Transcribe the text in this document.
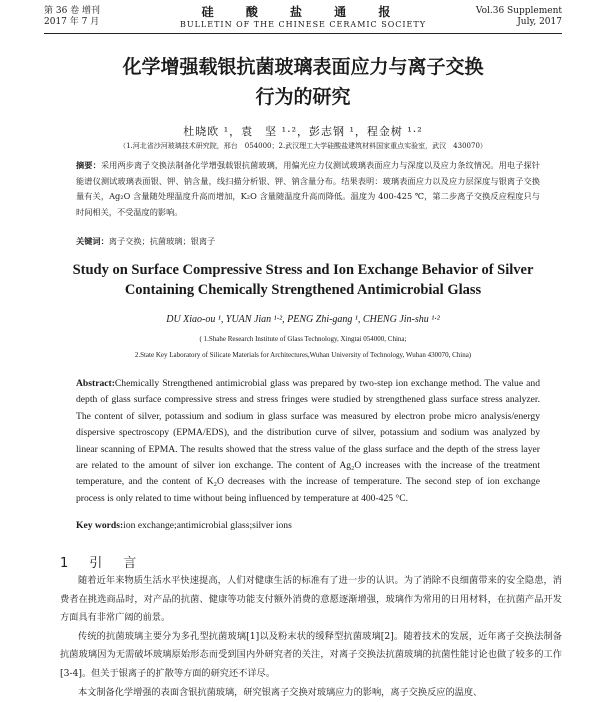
第 36 卷 增刊
2017 年 7 月
硅 酸 盐 通 报
BULLETIN OF THE CHINESE CERAMIC SOCIETY
Vol.36 Supplement
July, 2017
化学增强载银抗菌玻璃表面应力与离子交换
行为的研究
杜晓欧 ¹，袁　坚 ¹·²，彭志钢 ¹，程金树 ¹·²
（1.河北省沙河玻璃技术研究院，邢台　054000；2.武汉理工大学硅酸盐建筑材料国家重点实验室，武汉　430070）
摘要：采用两步离子交换法制备化学增强载银抗菌玻璃，用偏光应力仪测试玻璃表面应力与深度以及应力条纹情况。用电子探针能谱仪测试玻璃表面银、钾、钠含量，线扫描分析银、钾、钠含量分布。结果表明：玻璃表面应力以及应力层深度与银离子交换量有关，Ag₂O 含量随处理温度升高而增加，K₂O 含量随温度升高而降低。温度为 400-425 ℃，第二步离子交换反应程度只与时间相关，不受温度的影响。
关键词：离子交换；抗菌玻璃；银离子
Study on Surface Compressive Stress and Ion Exchange Behavior of Silver
Containing Chemically Strengthened Antimicrobial Glass
DU Xiao-ou ¹, YUAN Jian ¹·², PENG Zhi-gang ¹, CHENG Jin-shu ¹·²
( 1.Shahe Research Institute of Glass Technology, Xingtai 054000, China;
2.State Key Laboratory of Silicate Materials for Architectures,Wuhan University of Technology, Wuhan 430070, China)
Abstract:Chemically Strengthened antimicrobial glass was prepared by two-step ion exchange method. The value and depth of glass surface compressive stress and stress fringes were studied by strengthened glass surface stress analyzer. The content of silver, potassium and sodium in glass surface was measured by electron probe micro analysis/energy dispersive spectroscopy (EPMA/EDS), and the distribution curve of silver, potassium and sodium was analyzed by linear scanning of EPMA. The results showed that the stress value of the glass surface and the depth of the stress layer are related to the amount of silver ion exchange. The content of Ag₂O increases with the increase of the treatment temperature, and the content of K₂O decreases with the increase of temperature. The second step of ion exchange process is only related to time without being influenced by temperature at 400-425 °C.
Key words:ion exchange;antimicrobial glass;silver ions
1　引　言

随着近年来物质生活水平快速提高，人们对健康生活的标准有了进一步的认识。为了消除不良细菌带来的安全隐患，消费者在挑选商品时，对产品的抗菌、健康等功能支付额外消费的意愿逐渐增强，玻璃作为常用的日用材料，在抗菌产品开发方面具有非常广阔的前景。

传统的抗菌玻璃主要分为多孔型抗菌玻璃[1]以及粉末状的缓释型抗菌玻璃[2]。随着技术的发展，近年离子交换法制备抗菌玻璃因为无需破坏玻璃原始形态而受到国内外研究者的关注，对离子交换法抗菌玻璃的抗菌性能讨论也做了较多的工作[3-4]。但关于银离子的扩散等方面的研究还不详尽。

本文制备化学增强的表面含银抗菌玻璃，研究银离子交换对玻璃应力的影响，离子交换反应的温度、
